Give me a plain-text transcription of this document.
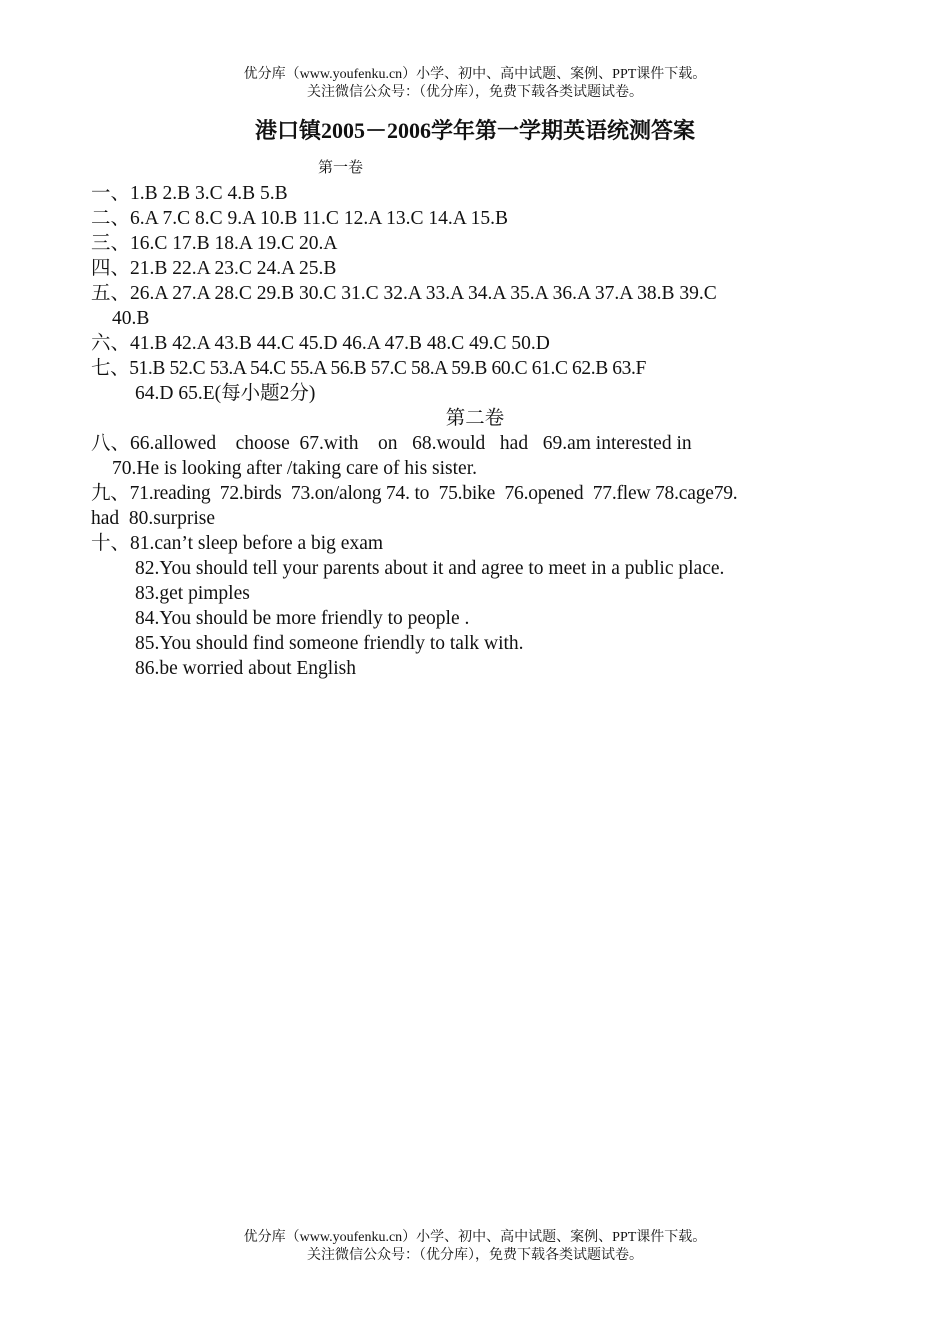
优分库（www.youfenku.cn）小学、初中、高中试题、案例、PPT课件下载。
关注微信公众号：（优分库），免费下载各类试题试卷。
港口镇2005－2006学年第一学期英语统测答案
第一卷
一、1.B 2.B 3.C 4.B 5.B
二、6.A 7.C 8.C 9.A 10.B 11.C 12.A 13.C 14.A 15.B
三、16.C 17.B 18.A 19.C 20.A
四、21.B 22.A 23.C 24.A 25.B
五、26.A 27.A 28.C 29.B 30.C 31.C 32.A 33.A 34.A 35.A 36.A 37.A 38.B 39.C
40.B
六、41.B 42.A 43.B 44.C 45.D 46.A 47.B 48.C 49.C 50.D
七、51.B 52.C 53.A 54.C 55.A 56.B 57.C 58.A 59.B 60.C 61.C 62.B 63.F
64.D 65.E(每小题2分)
第二卷
八、66.allowed    choose  67.with    on   68.would   had   69.am interested in
70.He is looking after /taking care of his sister.
九、71.reading  72.birds  73.on/along 74. to  75.bike  76.opened  77.flew 78.cage79.
had  80.surprise
十、81.can’t sleep before a big exam
82.You should tell your parents about it and agree to meet in a public place.
83.get pimples
84.You should be more friendly to people .
85.You should find someone friendly to talk with.
86.be worried about English
优分库（www.youfenku.cn）小学、初中、高中试题、案例、PPT课件下载。
关注微信公众号：（优分库），免费下载各类试题试卷。
